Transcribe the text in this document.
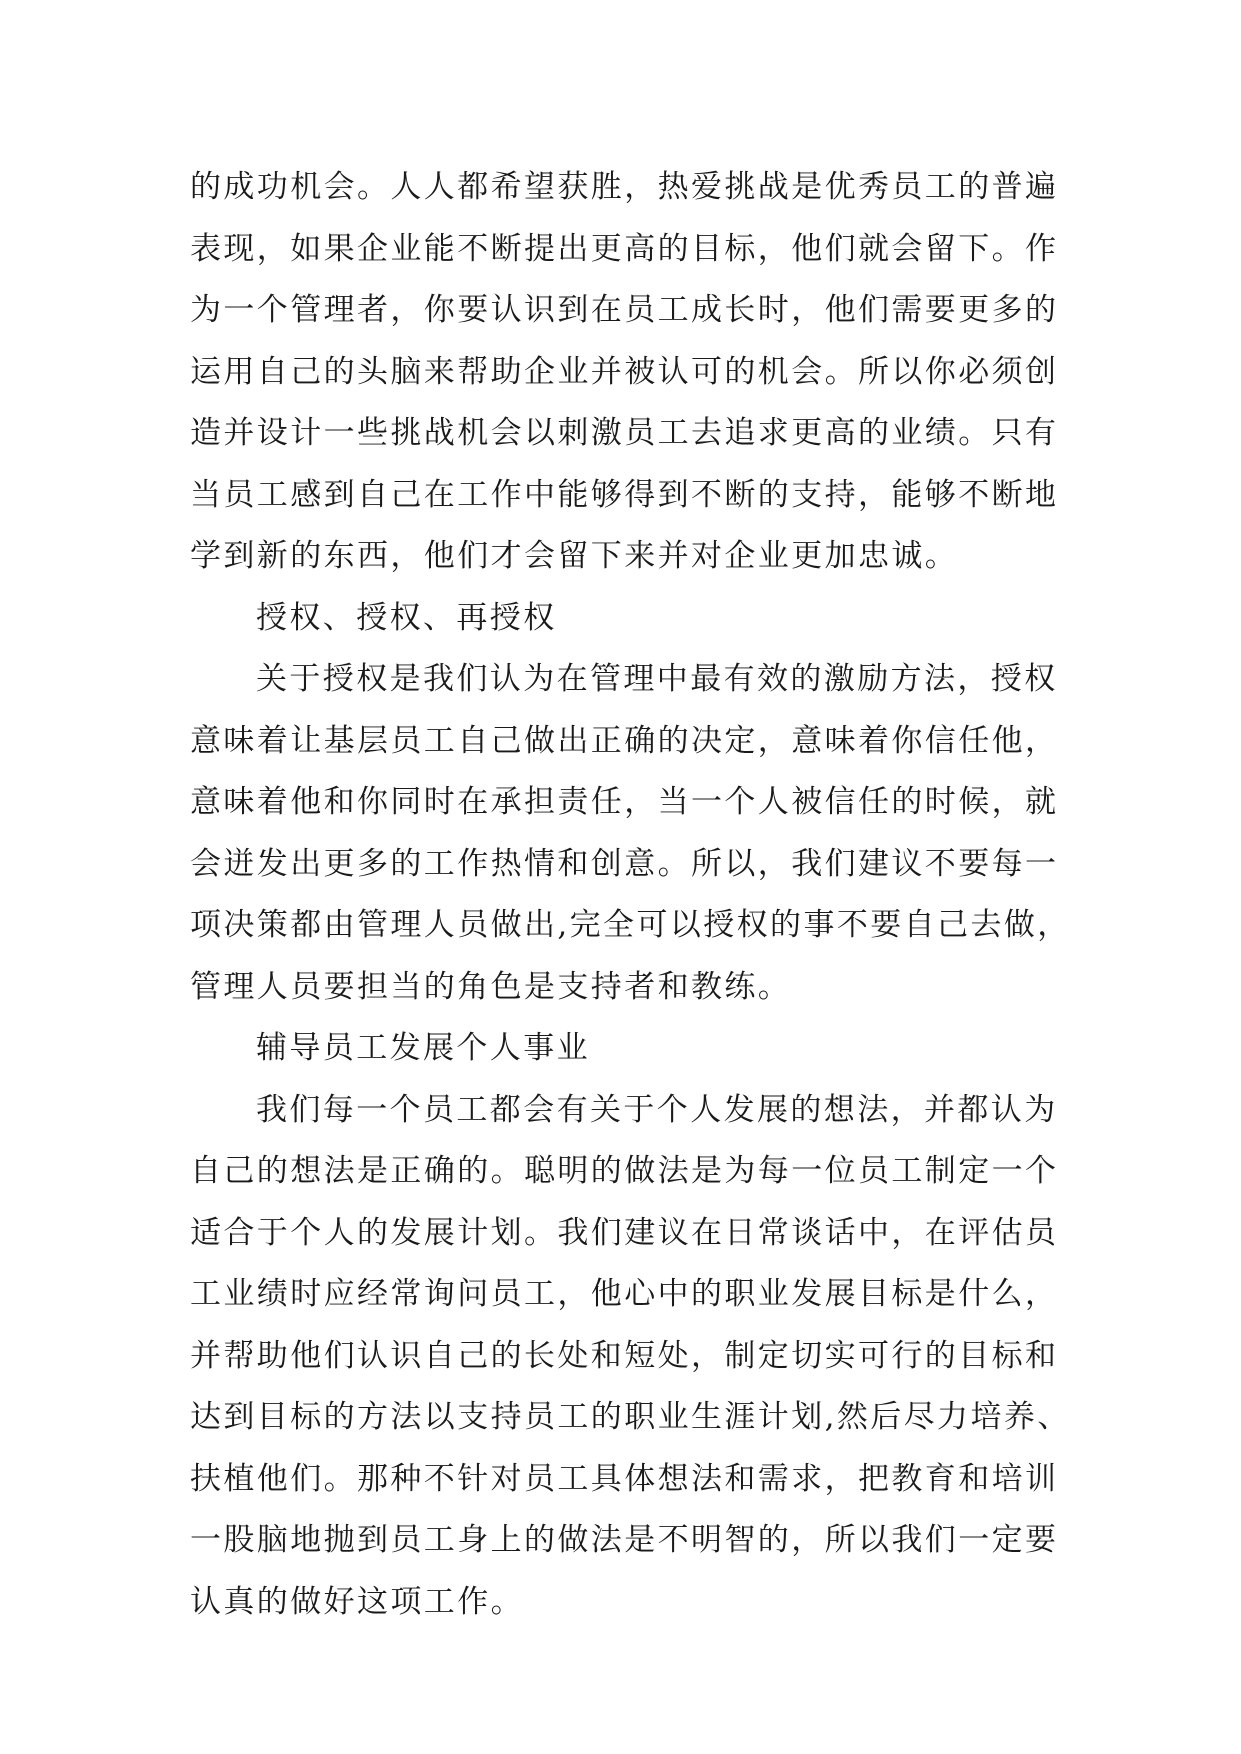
的成功机会。人人都希望获胜，热爱挑战是优秀员工的普遍
表现，如果企业能不断提出更高的目标，他们就会留下。作
为一个管理者，你要认识到在员工成长时，他们需要更多的
运用自己的头脑来帮助企业并被认可的机会。所以你必须创
造并设计一些挑战机会以刺激员工去追求更高的业绩。只有
当员工感到自己在工作中能够得到不断的支持，能够不断地
学到新的东西，他们才会留下来并对企业更加忠诚。
授权、授权、再授权
关于授权是我们认为在管理中最有效的激励方法，授权
意味着让基层员工自己做出正确的决定，意味着你信任他，
意味着他和你同时在承担责任，当一个人被信任的时候，就
会迸发出更多的工作热情和创意。所以，我们建议不要每一
项决策都由管理人员做出,完全可以授权的事不要自己去做，
管理人员要担当的角色是支持者和教练。
辅导员工发展个人事业
我们每一个员工都会有关于个人发展的想法，并都认为
自己的想法是正确的。聪明的做法是为每一位员工制定一个
适合于个人的发展计划。我们建议在日常谈话中，在评估员
工业绩时应经常询问员工，他心中的职业发展目标是什么，
并帮助他们认识自己的长处和短处，制定切实可行的目标和
达到目标的方法以支持员工的职业生涯计划,然后尽力培养、
扶植他们。那种不针对员工具体想法和需求，把教育和培训
一股脑地抛到员工身上的做法是不明智的，所以我们一定要
认真的做好这项工作。
